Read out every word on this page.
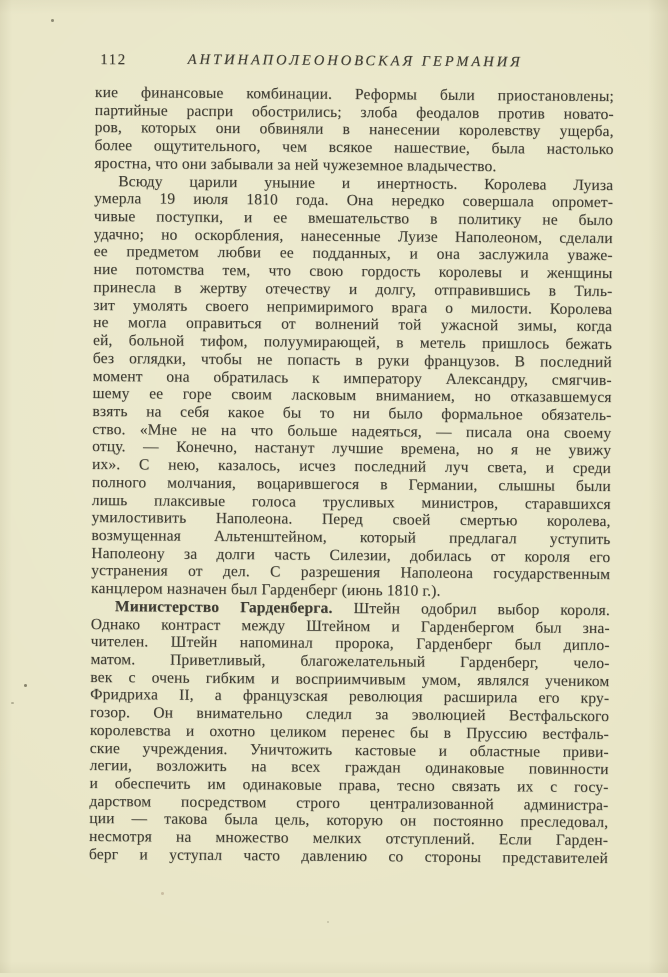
112	АНТИНАПОЛЕОНОВСКАЯ ГЕРМАНИЯ
кие финансовые комбинации. Реформы были приостановлены;
партийные распри обострились; злоба феодалов против новато-
ров, которых они обвиняли в нанесении королевству ущерба,
более ощутительного, чем всякое нашествие, была настолько
яростна, что они забывали за ней чужеземное владычество.
Всюду царили уныние и инертность. Королева Луиза
умерла 19 июля 1810 года. Она нередко совершала опромет-
чивые поступки, и ее вмешательство в политику не было
удачно; но оскорбления, нанесенные Луизе Наполеоном, сделали
ее предметом любви ее подданных, и она заслужила уваже-
ние потомства тем, что свою гордость королевы и женщины
принесла в жертву отечеству и долгу, отправившись в Тиль-
зит умолять своего непримиримого врага о милости. Королева
не могла оправиться от волнений той ужасной зимы, когда
ей, больной тифом, полуумирающей, в метель пришлось бежать
без оглядки, чтобы не попасть в руки французов. В последний
момент она обратилась к императору Александру, смягчив-
шему ее горе своим ласковым вниманием, но отказавшемуся
взять на себя какое бы то ни было формальное обязатель-
ство. «Мне не на что больше надеяться, — писала она своему
отцу. — Конечно, настанут лучшие времена, но я не увижу
их». С нею, казалось, исчез последний луч света, и среди
полного молчания, воцарившегося в Германии, слышны были
лишь плаксивые голоса трусливых министров, старавшихся
умилостивить Наполеона. Перед своей смертью королева,
возмущенная Альтенштейном, который предлагал уступить
Наполеону за долги часть Силезии, добилась от короля его
устранения от дел. С разрешения Наполеона государственным
канцлером назначен был Гарденберг (июнь 1810 г.).
Министерство Гарденберга. Штейн одобрил выбор короля.
Однако контраст между Штейном и Гарденбергом был зна-
чителен. Штейн напоминал пророка, Гарденберг был дипло-
матом. Приветливый, благожелательный Гарденберг, чело-
век с очень гибким и восприимчивым умом, являлся учеником
Фридриха II, а французская революция расширила его кру-
гозор. Он внимательно следил за эволюцией Вестфальского
королевства и охотно целиком перенес бы в Пруссию вестфаль-
ские учреждения. Уничтожить кастовые и областные приви-
легии, возложить на всех граждан одинаковые повинности
и обеспечить им одинаковые права, тесно связать их с госу-
дарством посредством строго централизованной администра-
ции — такова была цель, которую он постоянно преследовал,
несмотря на множество мелких отступлений. Если Гарден-
берг и уступал часто давлению со стороны представителей
